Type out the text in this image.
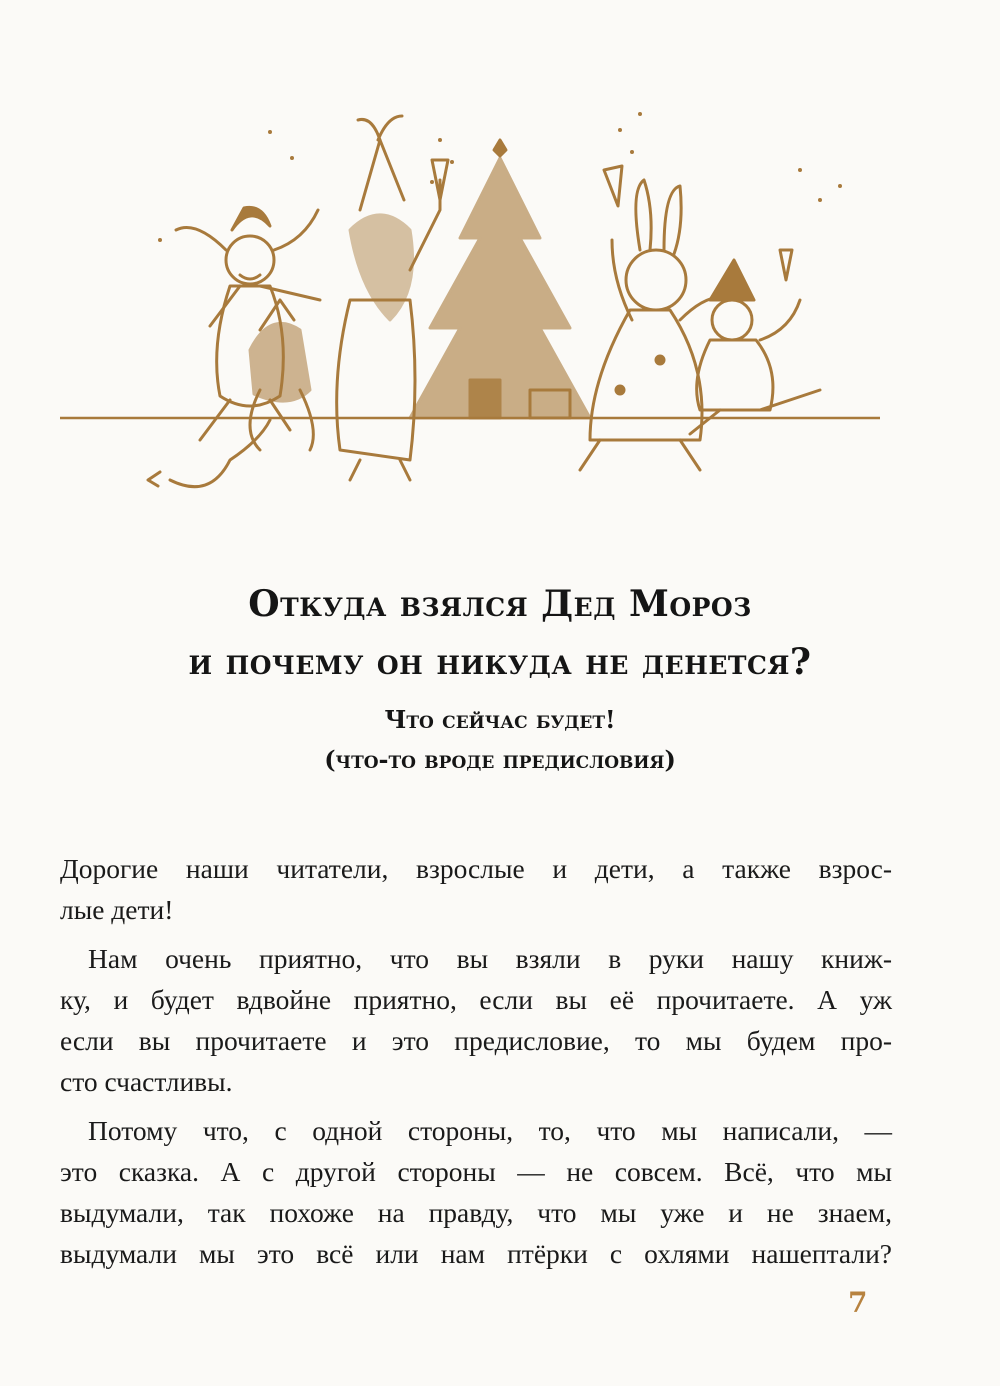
Откуда взялся Дед Мороз
и почему он никуда не денется?
Что сейчас будет!
(что-то вроде предисловия)
Дорогие наши читатели, взрослые и дети, а также взрос-
лые дети!
Нам очень приятно, что вы взяли в руки нашу книж-
ку, и будет вдвойне приятно, если вы её прочитаете. А уж
если вы прочитаете и это предисловие, то мы будем про-
сто счастливы.
Потому что, с одной стороны, то, что мы написали, —
это сказка. А с другой стороны — не совсем. Всё, что мы
выдумали, так похоже на правду, что мы уже и не знаем,
выдумали мы это всё или нам птёрки с охлями нашептали?
7
